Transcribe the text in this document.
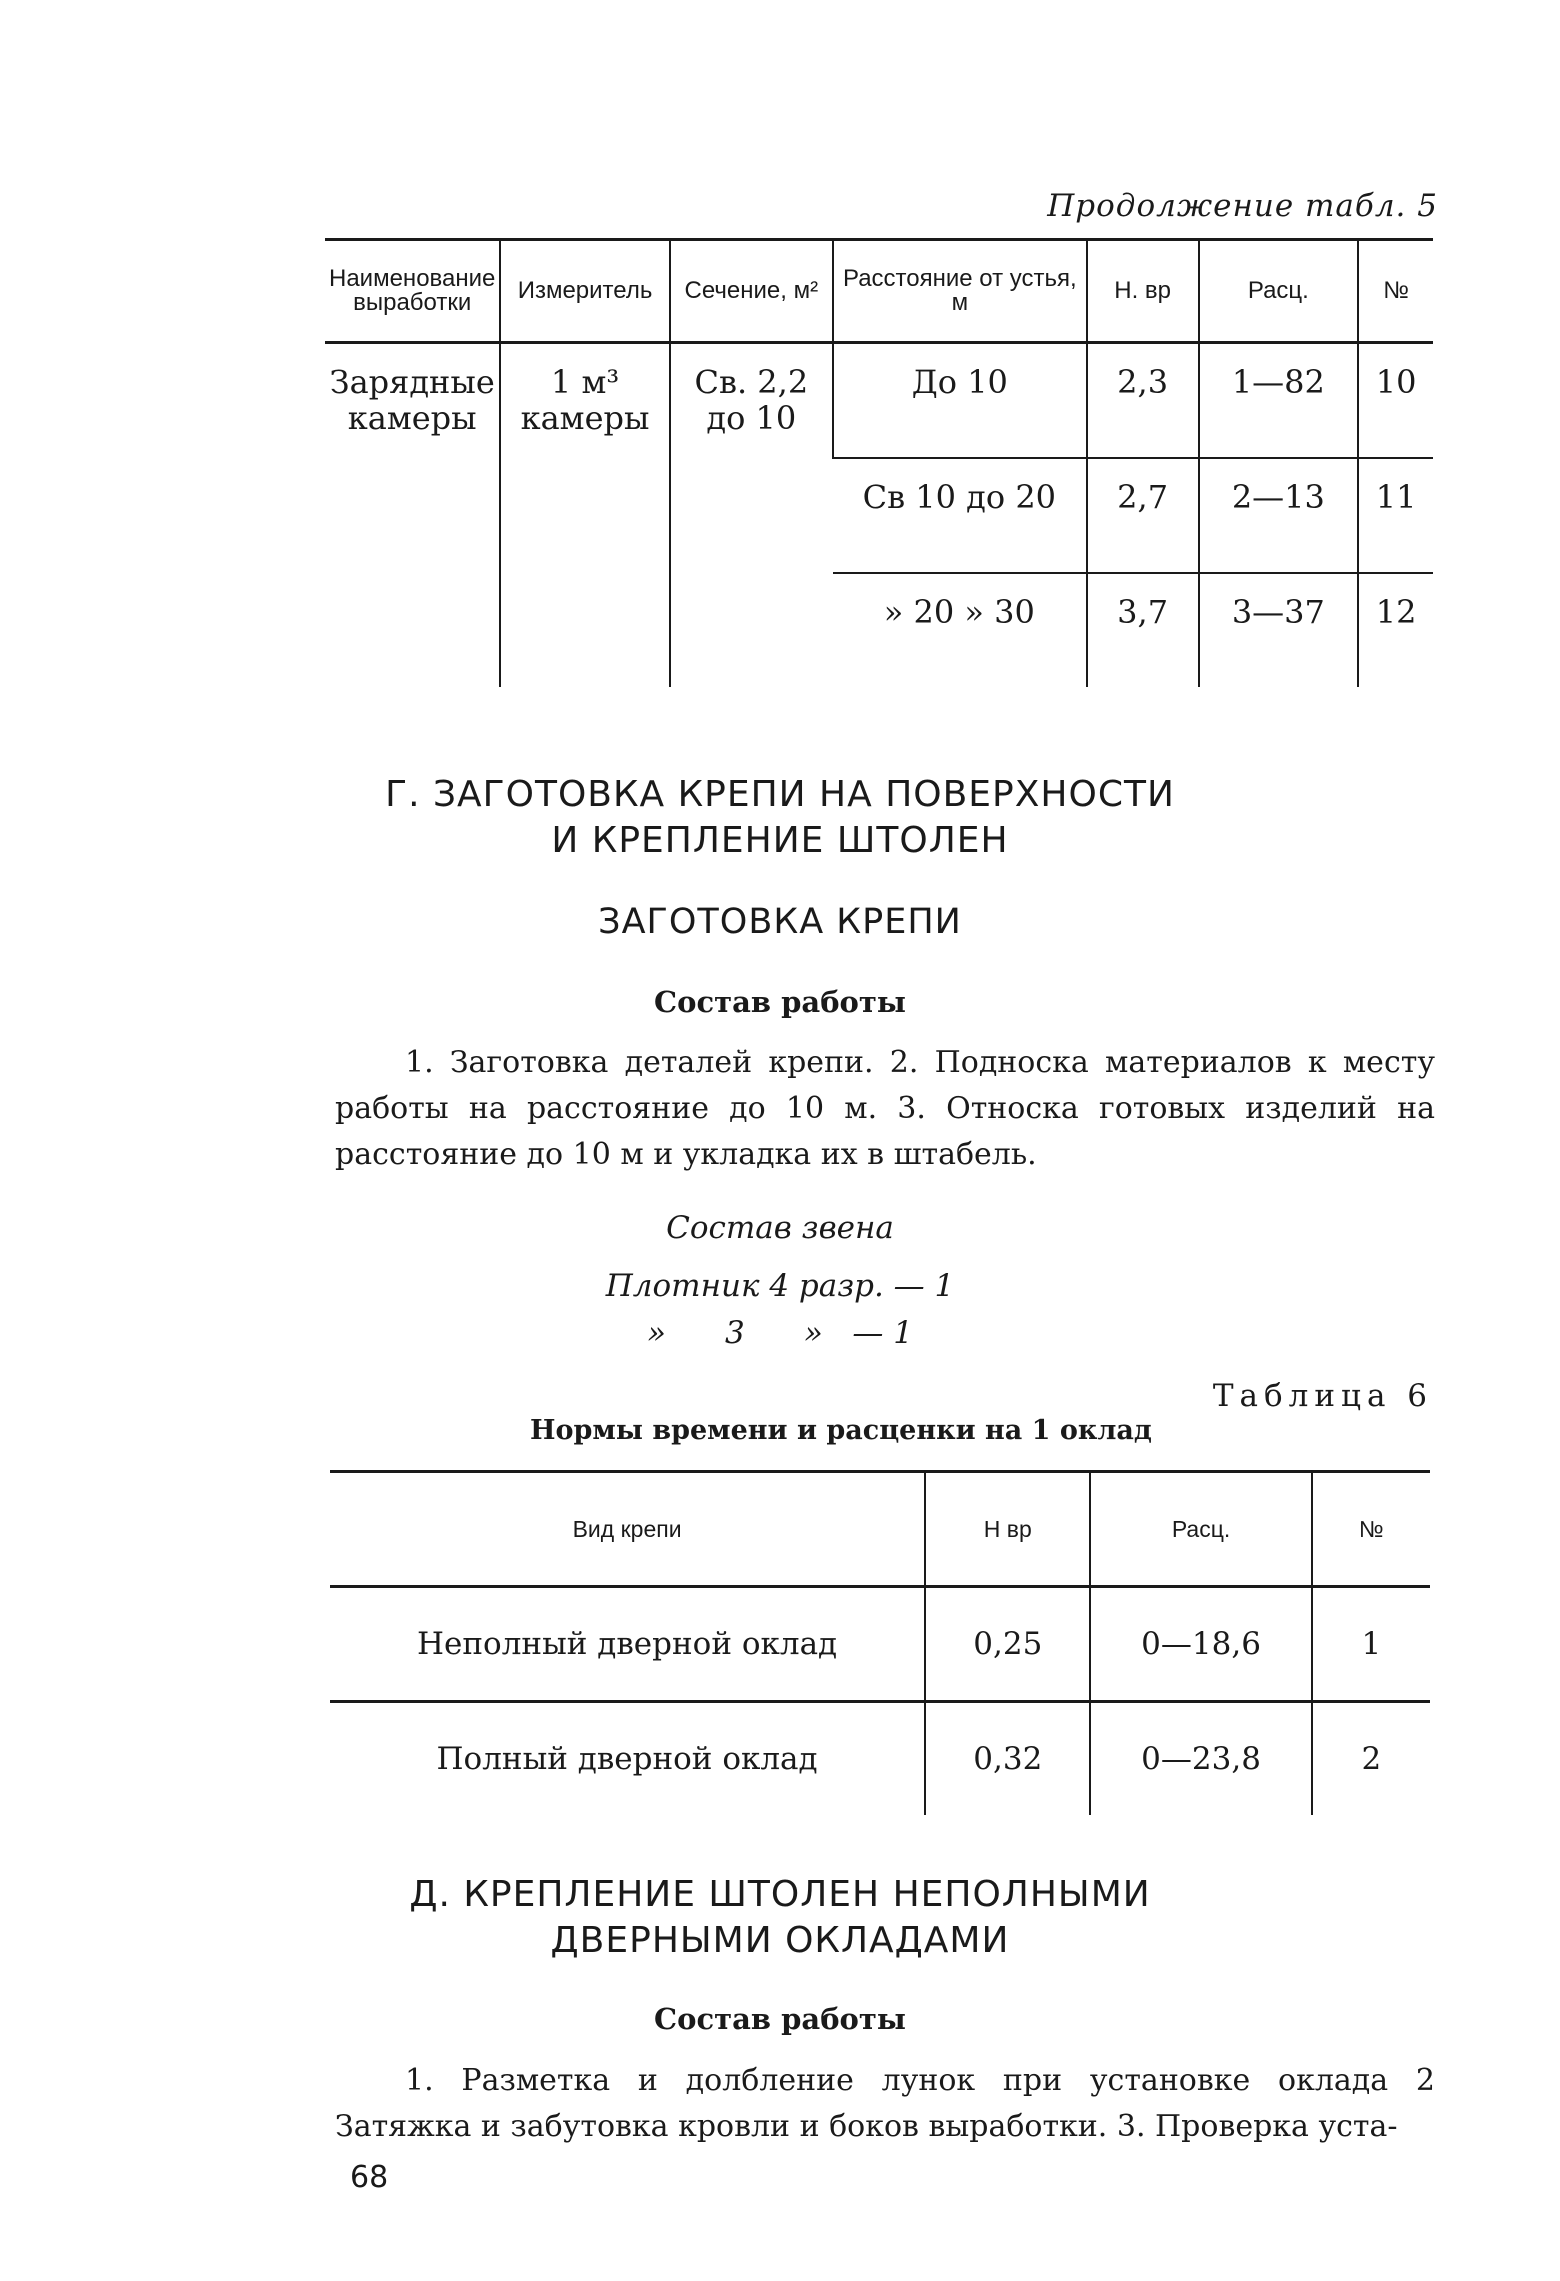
Продолжение табл. 5
Наименование выработки	Измеритель	Сечение, м²	Расстояние от устья, м	Н. вр	Расц.	№
Зарядные камеры	1 м³ камеры	Св. 2,2 до 10	До 10	2,3	1—82	10
			Св 10 до 20	2,7	2—13	11
			» 20 » 30	3,7	3—37	12
Г. ЗАГОТОВКА КРЕПИ НА ПОВЕРХНОСТИ
И КРЕПЛЕНИЕ ШТОЛЕН
ЗАГОТОВКА КРЕПИ
Состав работы
1. Заготовка деталей крепи. 2. Подноска материалов к месту работы на расстояние до 10 м. 3. Относка готовых изделий на расстояние до 10 м и укладка их в штабель.
Состав звена
Плотник 4 разр. — 1
»      3      »   — 1
Таблица 6
Нормы времени и расценки на 1 оклад
Вид крепи	Н вр	Расц.	№
Неполный дверной оклад	0,25	0—18,6	1
Полный дверной оклад	0,32	0—23,8	2
Д. КРЕПЛЕНИЕ ШТОЛЕН НЕПОЛНЫМИ
ДВЕРНЫМИ ОКЛАДАМИ
Состав работы
1. Разметка и долбление лунок при установке оклада 2 Затяжка и забутовка кровли и боков выработки. 3. Проверка уста-
68
